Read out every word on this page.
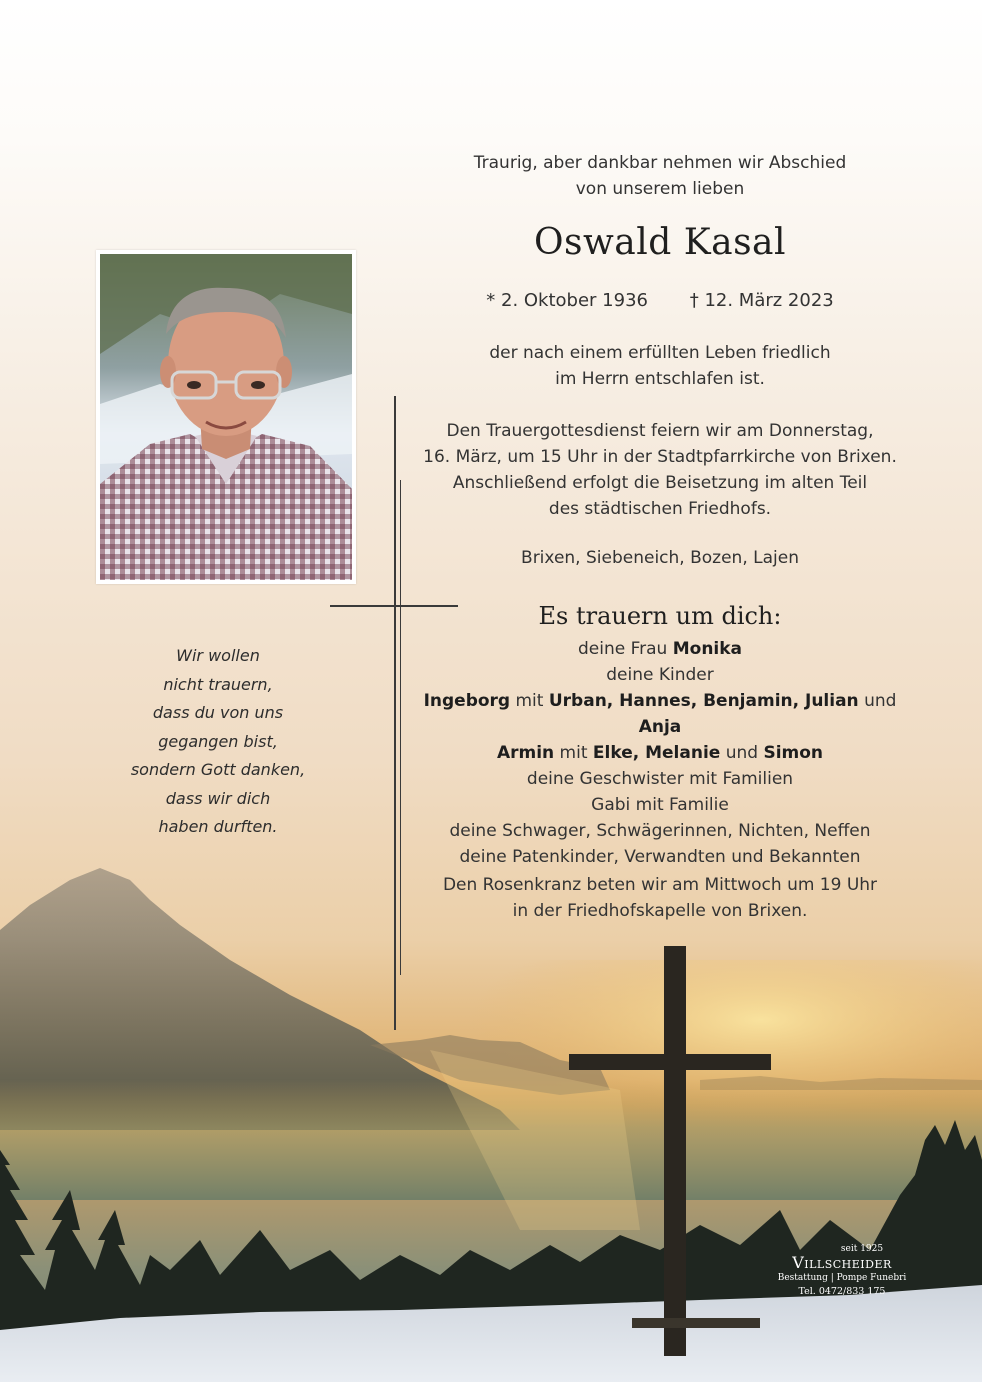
Wir wollen
nicht trauern,
dass du von uns
gegangen bist,
sondern Gott danken,
dass wir dich
haben durften.
Traurig, aber dankbar nehmen wir Abschied
von unserem lieben
Oswald Kasal
* 2. Oktober 1936 † 12. März 2023
der nach einem erfüllten Leben friedlich
im Herrn entschlafen ist.
Den Trauergottesdienst feiern wir am Donnerstag,
16. März, um 15 Uhr in der Stadtpfarrkirche von Brixen.
Anschließend erfolgt die Beisetzung im alten Teil
des städtischen Friedhofs.
Brixen, Siebeneich, Bozen, Lajen
Es trauern um dich:
deine Frau Monika
deine Kinder
Ingeborg mit Urban, Hannes, Benjamin, Julian und Anja
Armin mit Elke, Melanie und Simon
deine Geschwister mit Familien
Gabi mit Familie
deine Schwager, Schwägerinnen, Nichten, Neffen
deine Patenkinder, Verwandten und Bekannten
Den Rosenkranz beten wir am Mittwoch um 19 Uhr
in der Friedhofskapelle von Brixen.
seit 1925
Villscheider
Bestattung | Pompe Funebri
Tel. 0472/833 175
